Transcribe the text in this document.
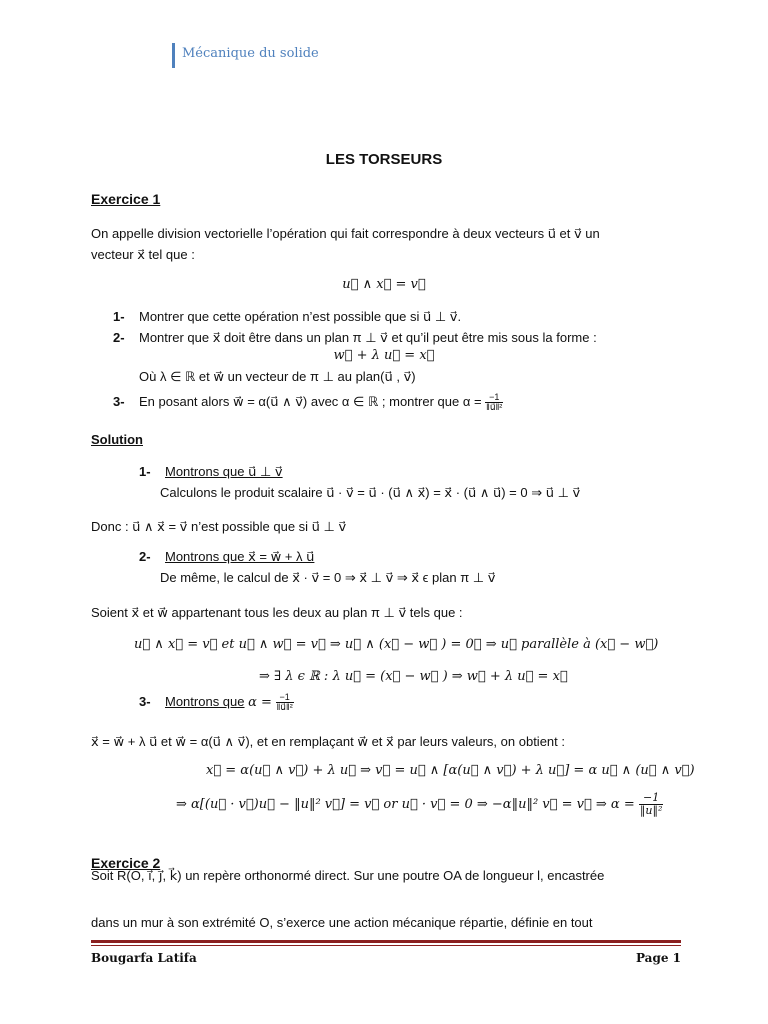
Mécanique du solide
LES TORSEURS
Exercice 1
On appelle division vectorielle l’opération qui fait correspondre à deux vecteurs u⃗ et v⃗ un
vecteur x⃗ tel que :
u⃗ ∧ x⃗ = v⃗
1- Montrer que cette opération n’est possible que si u⃗ ⊥ v⃗.
2- Montrer que x⃗ doit être dans un plan π ⊥ v⃗ et qu’il peut être mis sous la forme :
w⃗ + λ u⃗ = x⃗
Où λ ∈ ℝ et w⃗ un vecteur de π ⊥ au plan(u⃗ , v⃗)
3- En posant alors w⃗ = α(u⃗ ∧ v⃗) avec α ∈ ℝ ; montrer que $\alpha = \frac{-1}{\text{‖u⃗‖²}}$
Solution
1- Montrons que u⃗ ⊥ v⃗
Calculons le produit scalaire u⃗ · v⃗ = u⃗ · (u⃗ ∧ x⃗) = x⃗ · (u⃗ ∧ u⃗) = 0 ⇒ u⃗ ⊥ v⃗
Donc : u⃗ ∧ x⃗ = v⃗ n’est possible que si u⃗ ⊥ v⃗
2- Montrons que x⃗ = w⃗ + λ u⃗
De même, le calcul de x⃗ · v⃗ = 0 ⇒ x⃗ ⊥ v⃗ ⇒ x⃗ ϵ plan π ⊥ v⃗
Soient x⃗ et w⃗ appartenant tous les deux au plan π ⊥ v⃗ tels que :
u⃗ ∧ x⃗ = v⃗ et u⃗ ∧ w⃗ = v⃗ ⇒ u⃗ ∧ (x⃗ − w⃗ ) = 0⃗ ⇒ u⃗ parallèle à (x⃗ − w⃗)
⇒ ∃ λ ϵ ℝ : λ u⃗ = (x⃗ − w⃗ ) ⇒ w⃗ + λ u⃗ = x⃗
3- Montrons que $\alpha = \frac{-1}{\text{‖u⃗‖²}}$
x⃗ = w⃗ + λ u⃗ et w⃗ = α(u⃗ ∧ v⃗), et en remplaçant w⃗ et x⃗ par leurs valeurs, on obtient :
x⃗ = α(u⃗ ∧ v⃗) + λ u⃗ ⇒ v⃗ = u⃗ ∧ [α(u⃗ ∧ v⃗) + λ u⃗] = α u⃗ ∧ (u⃗ ∧ v⃗)
⇒ α[(u⃗ · v⃗)u⃗ − ‖u‖² v⃗] = v⃗ or u⃗ · v⃗ = 0 ⇒ −α‖u‖² v⃗ = v⃗ ⇒ $\alpha = \frac{-1}{\text{‖u‖²}}$
Exercice 2
Soit R(O, ı⃗, ȷ⃗, k⃗) un repère orthonormé direct. Sur une poutre OA de longueur l, encastrée
dans un mur à son extrémité O, s’exerce une action mécanique répartie, définie en tout
Bougarfa Latifa	Page 1
